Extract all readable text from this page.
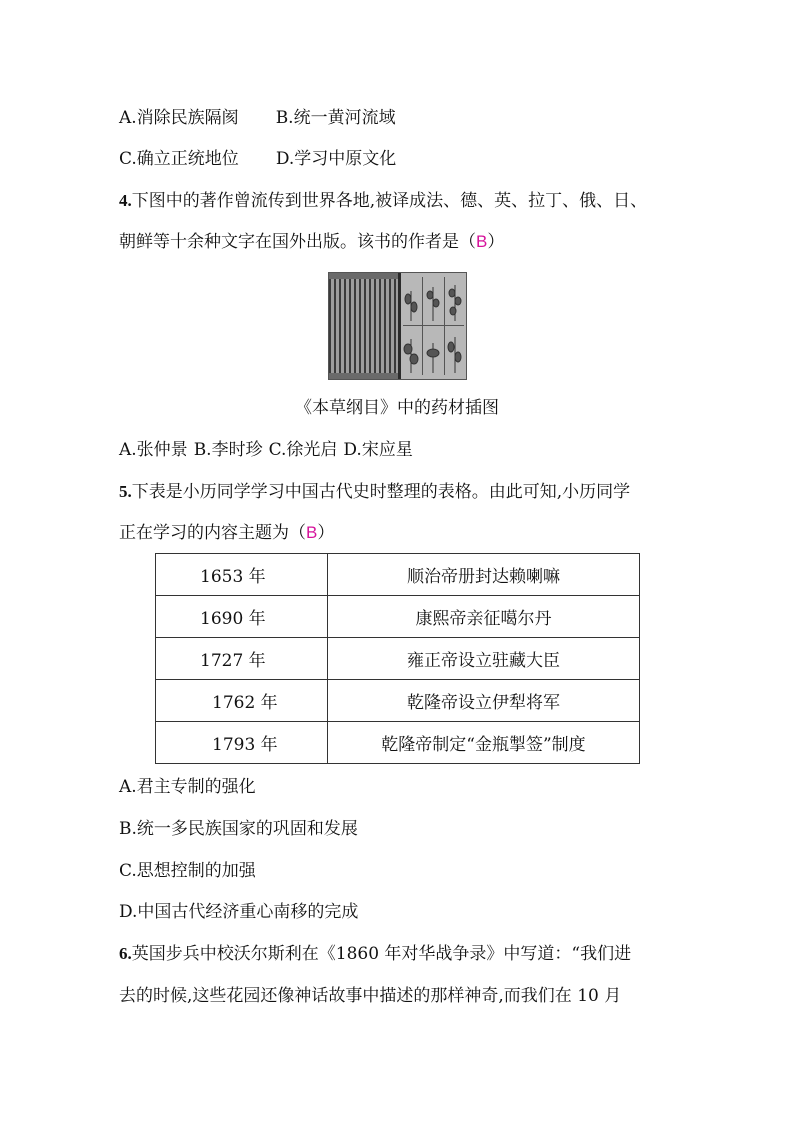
A.消除民族隔阂 B.统一黄河流域
C.确立正统地位 D.学习中原文化
4.下图中的著作曾流传到世界各地,被译成法、德、英、拉丁、俄、日、
朝鲜等十余种文字在国外出版。该书的作者是（B）
《本草纲目》中的药材插图
A.张仲景 B.李时珍 C.徐光启 D.宋应星
5.下表是小历同学学习中国古代史时整理的表格。由此可知,小历同学
正在学习的内容主题为（B）
1653 年	顺治帝册封达赖喇嘛
1690 年	康熙帝亲征噶尔丹
1727 年	雍正帝设立驻藏大臣
1762 年	乾隆帝设立伊犁将军
1793 年	乾隆帝制定“金瓶掣签”制度
A.君主专制的强化
B.统一多民族国家的巩固和发展
C.思想控制的加强
D.中国古代经济重心南移的完成
6.英国步兵中校沃尔斯利在《1860 年对华战争录》中写道：“我们进
去的时候,这些花园还像神话故事中描述的那样神奇,而我们在 10 月
